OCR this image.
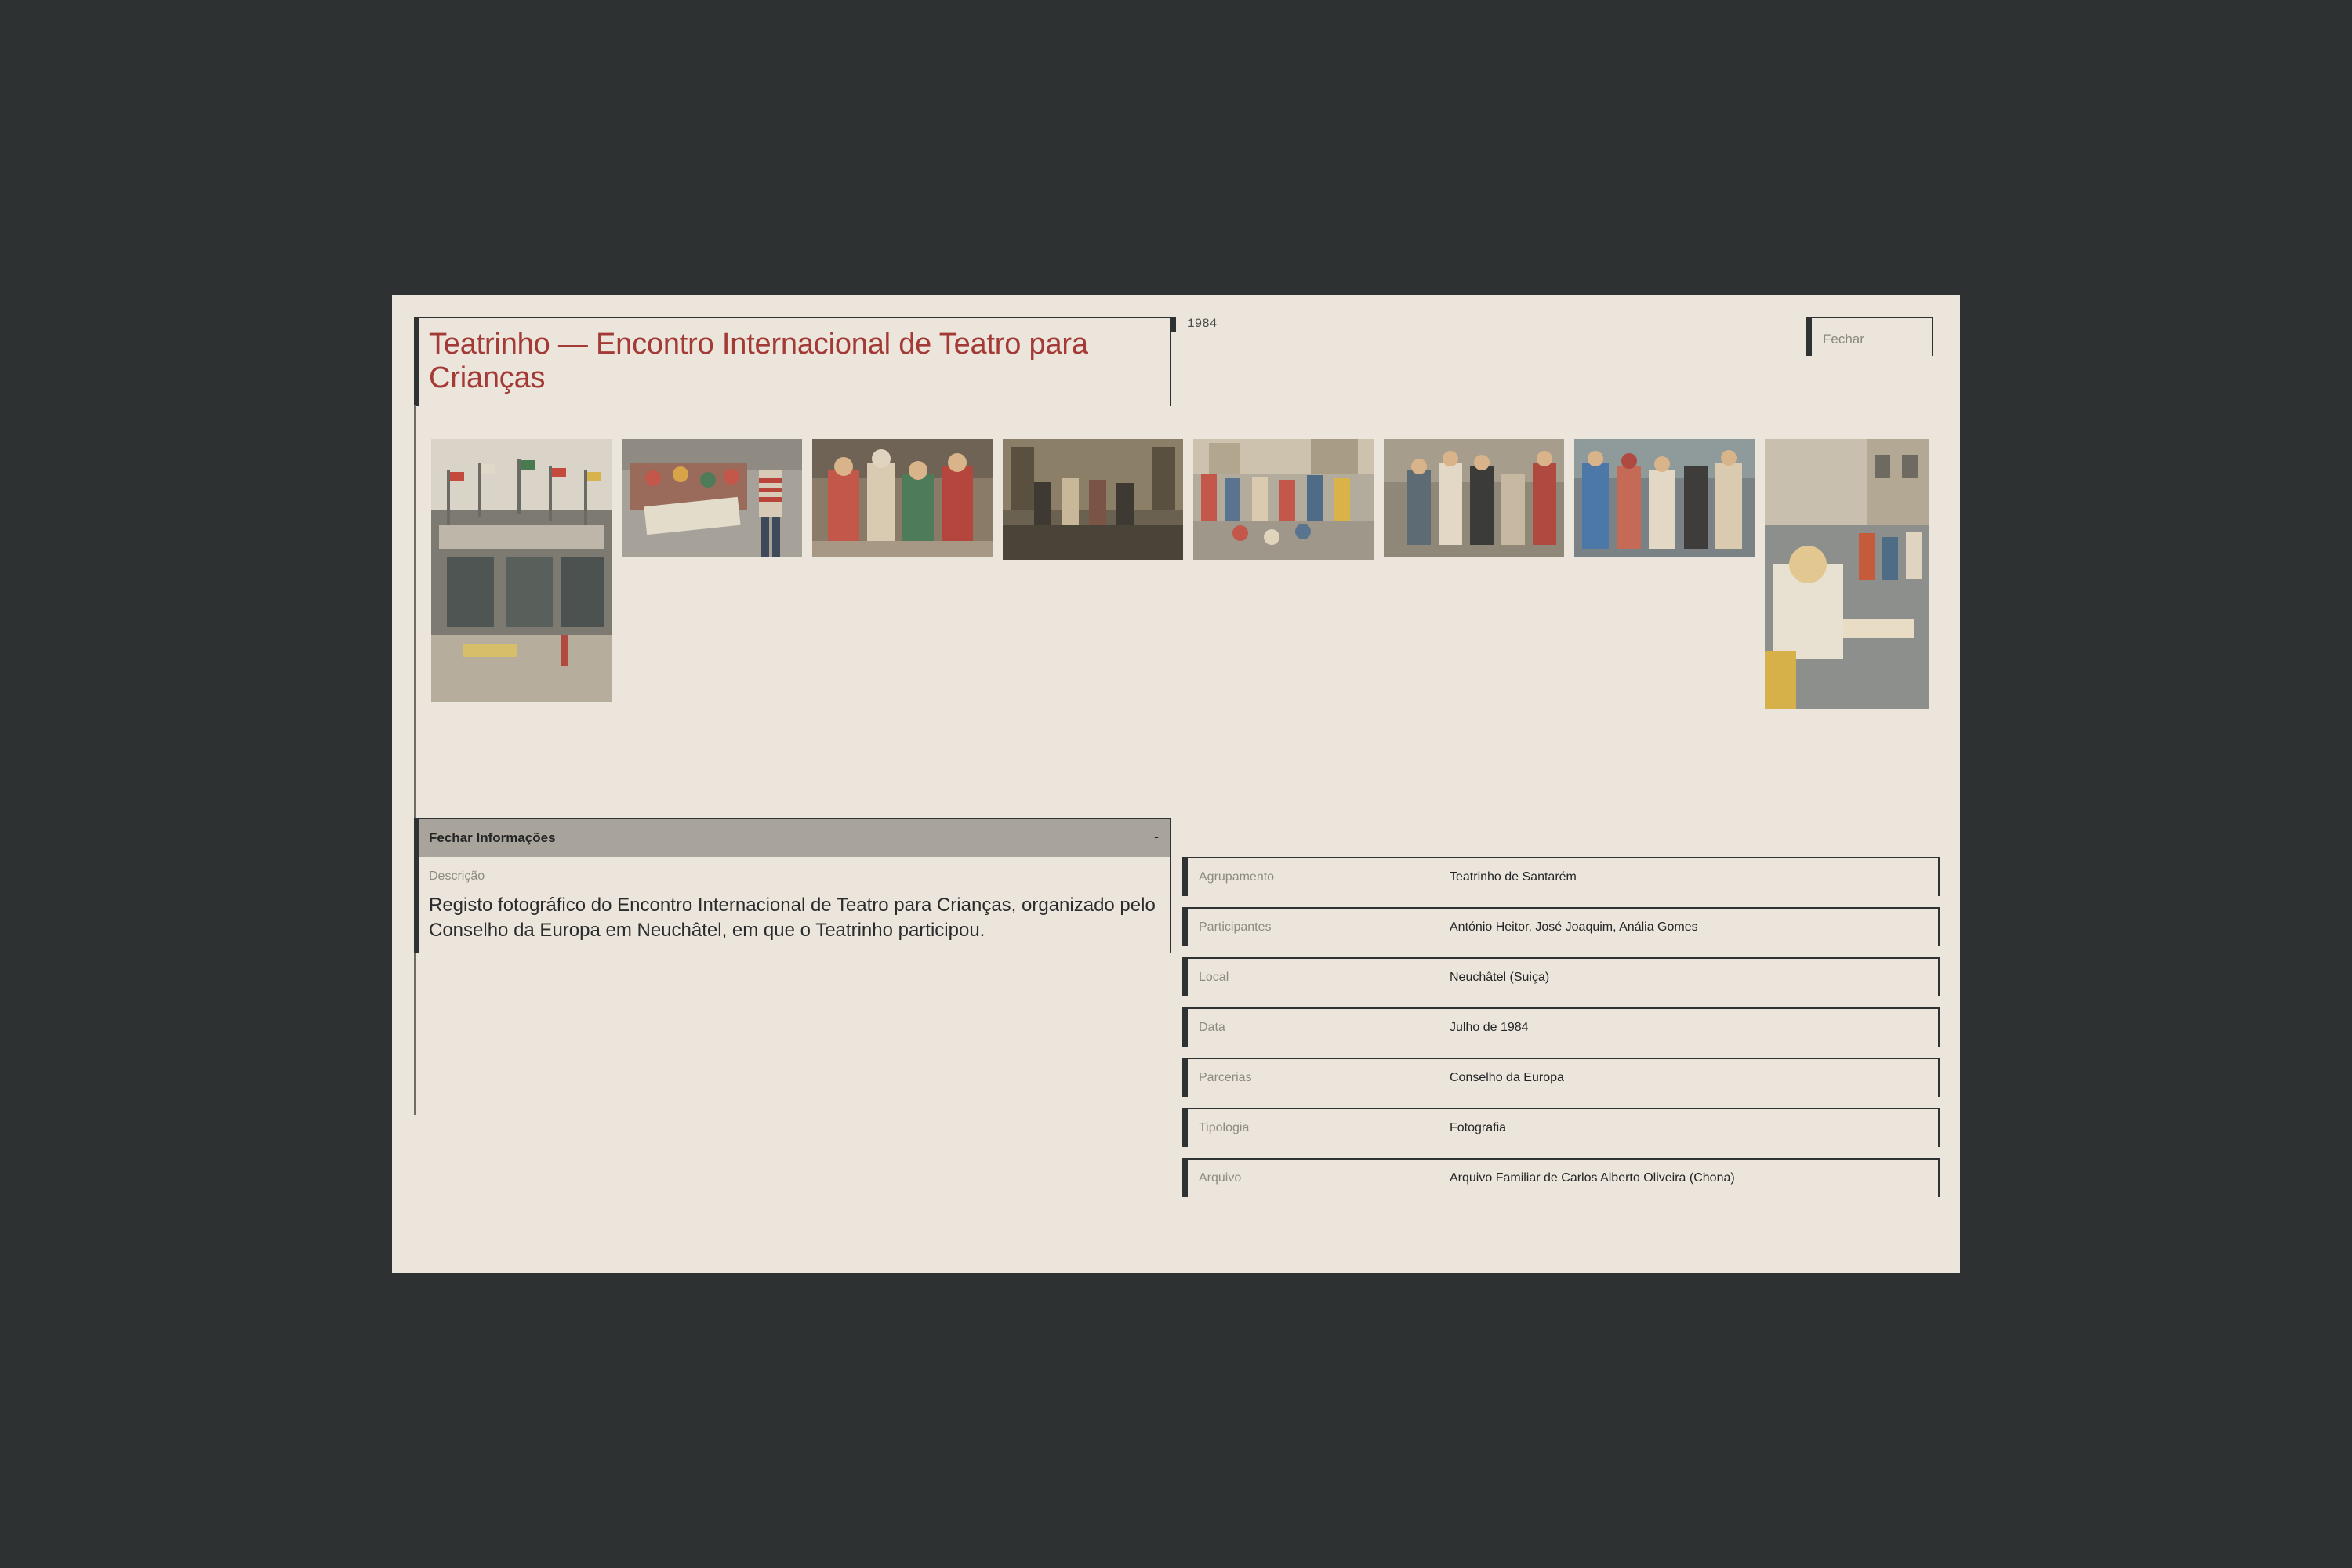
Teatrinho — Encontro Internacional de Teatro para Crianças
1984
Fechar
Fechar Informações	-
Descrição

Registo fotográfico do Encontro Internacional de Teatro para Crianças, organizado pelo Conselho da Europa em Neuchâtel, em que o Teatrinho participou.

Agrupamento	Teatrinho de Santarém
Participantes	António Heitor, José Joaquim, Anália Gomes
Local	Neuchâtel (Suiça)
Data	Julho de 1984
Parcerias	Conselho da Europa
Tipologia	Fotografia
Arquivo	Arquivo Familiar de Carlos Alberto Oliveira (Chona)
